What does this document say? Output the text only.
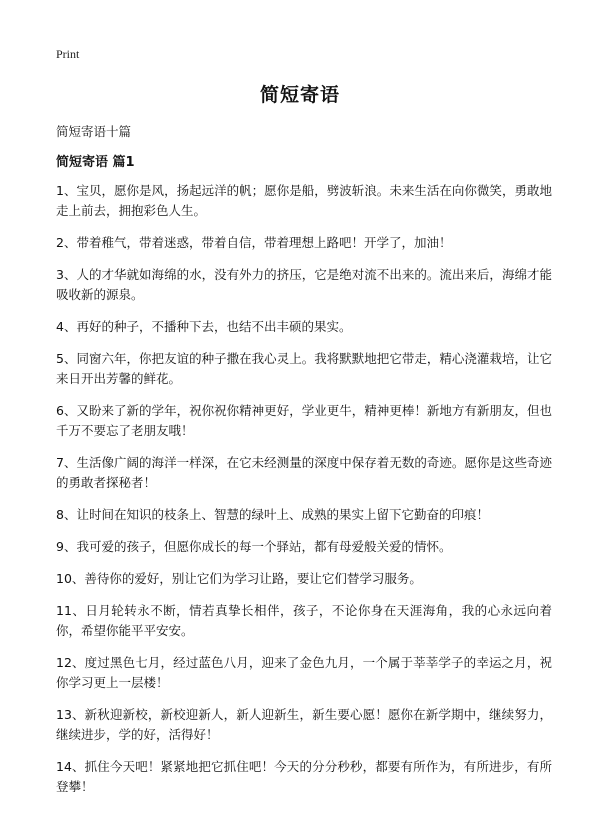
Print
简短寄语
简短寄语十篇
简短寄语 篇1
1、宝贝，愿你是风，扬起远洋的帆；愿你是船，劈波斩浪。未来生活在向你微笑，勇敢地走上前去，拥抱彩色人生。
2、带着稚气，带着迷惑，带着自信，带着理想上路吧！开学了，加油！
3、人的才华就如海绵的水，没有外力的挤压，它是绝对流不出来的。流出来后，海绵才能吸收新的源泉。
4、再好的种子，不播种下去，也结不出丰硕的果实。
5、同窗六年，你把友谊的种子撒在我心灵上。我将默默地把它带走，精心浇灌栽培，让它来日开出芳馨的鲜花。
6、又盼来了新的学年，祝你祝你精神更好，学业更牛，精神更棒！新地方有新朋友，但也千万不要忘了老朋友哦！
7、生活像广阔的海洋一样深，在它未经测量的深度中保存着无数的奇迹。愿你是这些奇迹的勇敢者探秘者！
8、让时间在知识的枝条上、智慧的绿叶上、成熟的果实上留下它勤奋的印痕！
9、我可爱的孩子，但愿你成长的每一个驿站，都有母爱般关爱的情怀。
10、善待你的爱好，别让它们为学习让路，要让它们替学习服务。
11、日月轮转永不断，情若真挚长相伴，孩子，不论你身在天涯海角，我的心永远向着你，希望你能平平安安。
12、度过黑色七月，经过蓝色八月，迎来了金色九月，一个属于莘莘学子的幸运之月，祝你学习更上一层楼！
13、新秋迎新校，新校迎新人，新人迎新生，新生要心愿！愿你在新学期中，继续努力，继续进步，学的好，活得好！
14、抓住今天吧！紧紧地把它抓住吧！今天的分分秒秒，都要有所作为，有所进步，有所登攀！
